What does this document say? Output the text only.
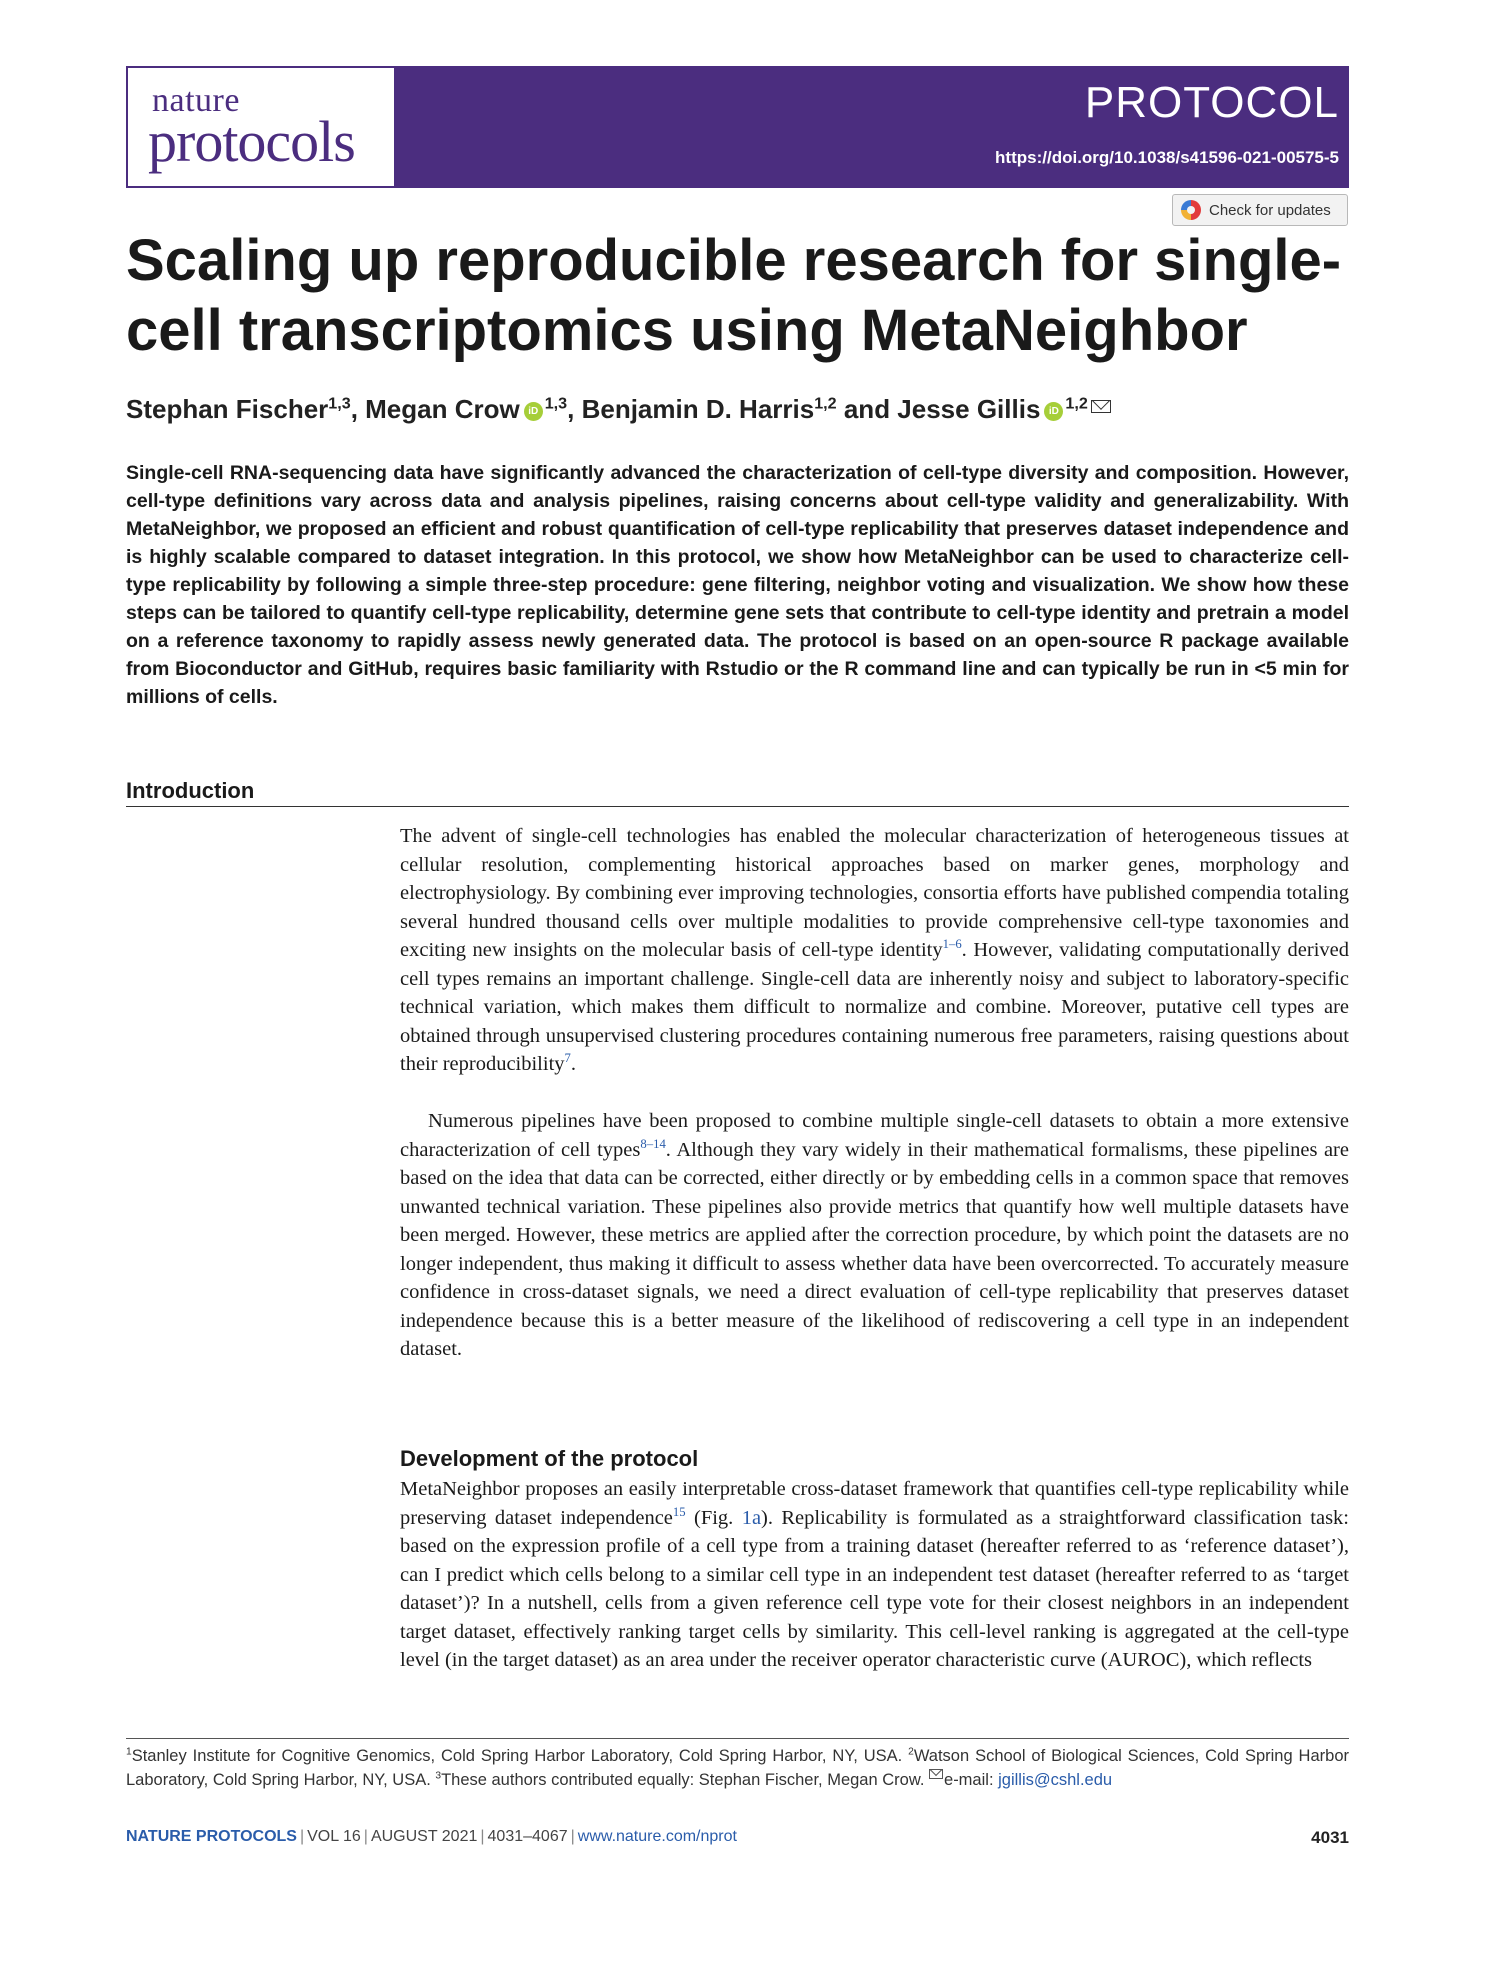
nature
protocols
PROTOCOL
https://doi.org/10.1038/s41596-021-00575-5
Check for updates
Scaling up reproducible research for single-cell transcriptomics using MetaNeighbor
Stephan Fischer$^{1,3}$, Megan Crow iD $^{1,3}$, Benjamin D. Harris$^{1,2}$ and Jesse Gillis iD $^{1,2}$

Single-cell RNA-sequencing data have significantly advanced the characterization of cell-type diversity and composition. However, cell-type definitions vary across data and analysis pipelines, raising concerns about cell-type validity and generalizability. With MetaNeighbor, we proposed an efficient and robust quantification of cell-type replicability that preserves dataset independence and is highly scalable compared to dataset integration. In this protocol, we show how MetaNeighbor can be used to characterize cell-type replicability by following a simple three-step procedure: gene filtering, neighbor voting and visualization. We show how these steps can be tailored to quantify cell-type replicability, determine gene sets that contribute to cell-type identity and pretrain a model on a reference taxonomy to rapidly assess newly generated data. The protocol is based on an open-source R package available from Bioconductor and GitHub, requires basic familiarity with Rstudio or the R command line and can typically be run in <5 min for millions of cells.

Introduction

The advent of single-cell technologies has enabled the molecular characterization of heterogeneous tissues at cellular resolution, complementing historical approaches based on marker genes, morphology and electrophysiology. By combining ever improving technologies, consortia efforts have published compendia totaling several hundred thousand cells over multiple modalities to provide comprehensive cell-type taxonomies and exciting new insights on the molecular basis of cell-type identity$^{1-6}$. However, validating computationally derived cell types remains an important challenge. Single-cell data are inherently noisy and subject to laboratory-specific technical variation, which makes them difficult to normalize and combine. Moreover, putative cell types are obtained through unsupervised clustering procedures containing numerous free parameters, raising questions about their reproducibility$^7$.

Numerous pipelines have been proposed to combine multiple single-cell datasets to obtain a more extensive characterization of cell types$^{8-14}$. Although they vary widely in their mathematical formalisms, these pipelines are based on the idea that data can be corrected, either directly or by embedding cells in a common space that removes unwanted technical variation. These pipelines also provide metrics that quantify how well multiple datasets have been merged. However, these metrics are applied after the correction procedure, by which point the datasets are no longer independent, thus making it difficult to assess whether data have been overcorrected. To accurately measure confidence in cross-dataset signals, we need a direct evaluation of cell-type replicability that preserves dataset independence because this is a better measure of the likelihood of rediscovering a cell type in an independent dataset.

Development of the protocol

MetaNeighbor proposes an easily interpretable cross-dataset framework that quantifies cell-type replicability while preserving dataset independence$^{15}$ (Fig. 1a). Replicability is formulated as a straightforward classification task: based on the expression profile of a cell type from a training dataset (hereafter referred to as ‘reference dataset’), can I predict which cells belong to a similar cell type in an independent test dataset (hereafter referred to as ‘target dataset’)? In a nutshell, cells from a given reference cell type vote for their closest neighbors in an independent target dataset, effectively ranking target cells by similarity. This cell-level ranking is aggregated at the cell-type level (in the target dataset) as an area under the receiver operator characteristic curve (AUROC), which reflects

$^1$Stanley Institute for Cognitive Genomics, Cold Spring Harbor Laboratory, Cold Spring Harbor, NY, USA. $^2$Watson School of Biological Sciences, Cold Spring Harbor Laboratory, Cold Spring Harbor, NY, USA. $^3$These authors contributed equally: Stephan Fischer, Megan Crow. e-mail: jgillis@cshl.edu

NATURE PROTOCOLS | VOL 16 | AUGUST 2021 | 4031–4067 | www.nature.com/nprot	4031
